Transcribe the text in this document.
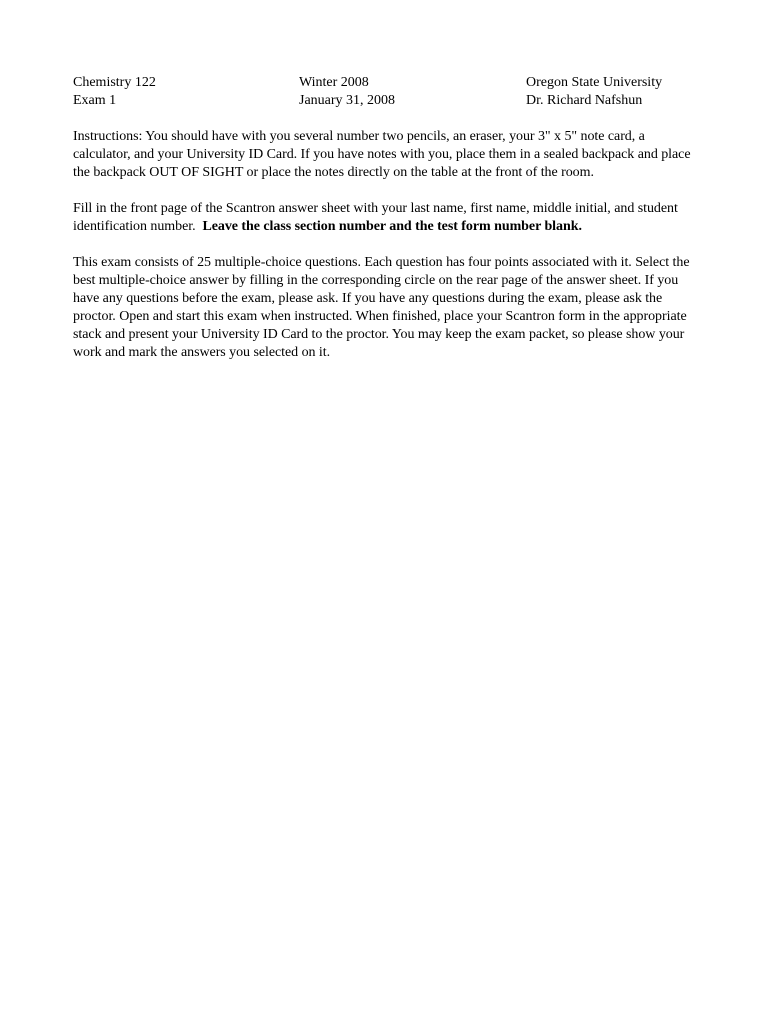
Chemistry 122
Exam 1
Winter 2008
January 31, 2008
Oregon State University
Dr. Richard Nafshun

Instructions: You should have with you several number two pencils, an eraser, your 3" x 5" note card, a calculator, and your University ID Card. If you have notes with you, place them in a sealed backpack and place the backpack OUT OF SIGHT or place the notes directly on the table at the front of the room.

Fill in the front page of the Scantron answer sheet with your last name, first name, middle initial, and student identification number. Leave the class section number and the test form number blank.

This exam consists of 25 multiple-choice questions. Each question has four points associated with it. Select the best multiple-choice answer by filling in the corresponding circle on the rear page of the answer sheet. If you have any questions before the exam, please ask. If you have any questions during the exam, please ask the proctor. Open and start this exam when instructed. When finished, place your Scantron form in the appropriate stack and present your University ID Card to the proctor. You may keep the exam packet, so please show your work and mark the answers you selected on it.
